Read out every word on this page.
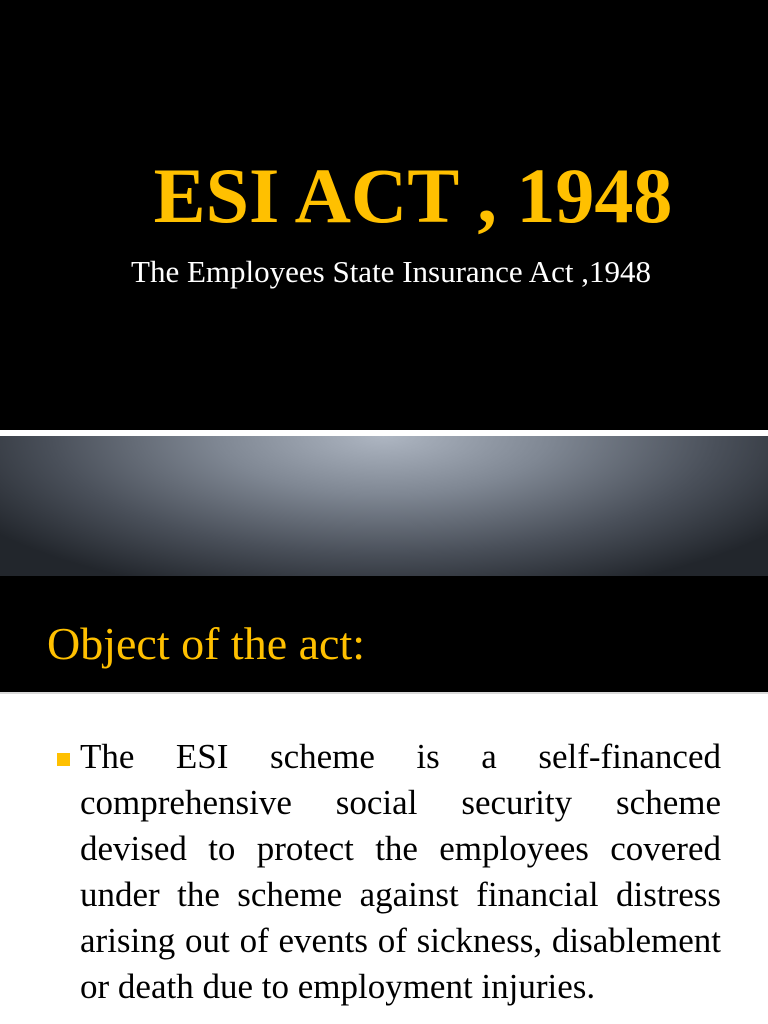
ESI ACT , 1948
The Employees State Insurance Act ,1948
Object of the act:

The ESI scheme is a self-financed comprehensive social security scheme devised to protect the employees covered under the scheme against financial distress arising out of events of sickness, disablement or death due to employment injuries.
